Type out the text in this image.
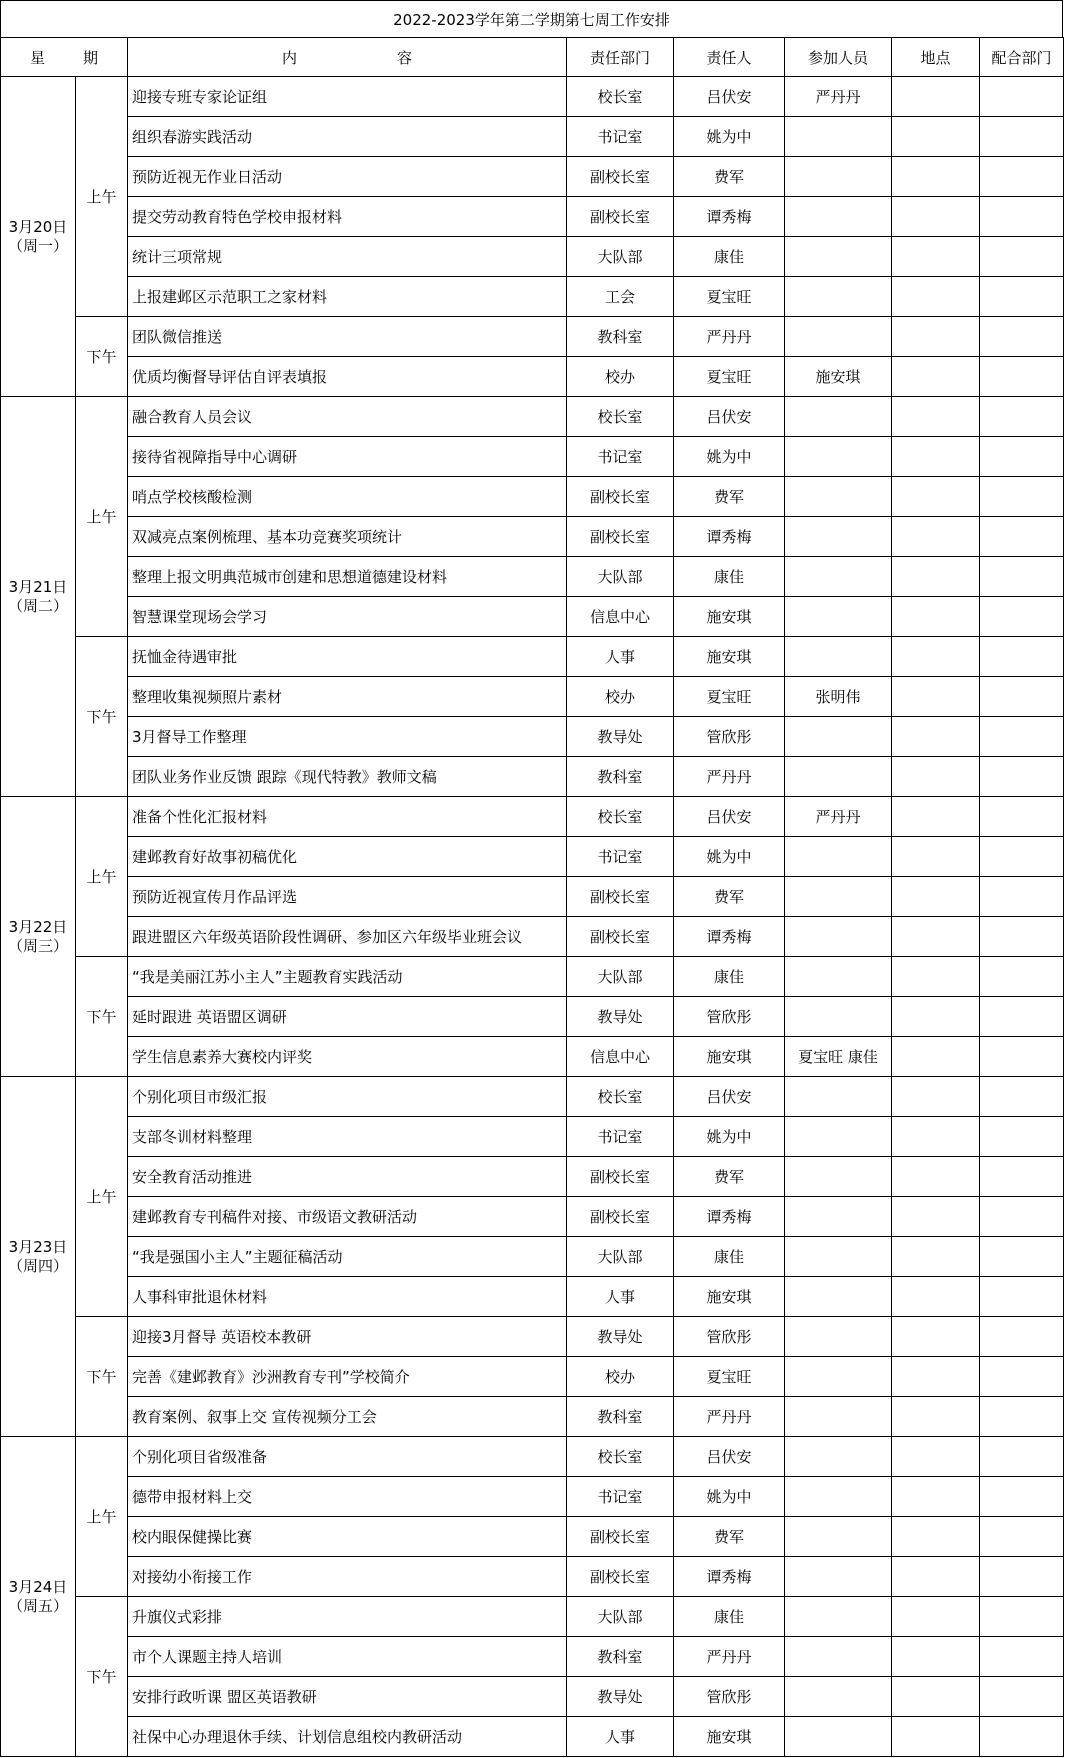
2022-2023学年第二学期第七周工作安排
星 期		内 容	责任部门	责任人	参加人员	地点	配合部门

3月20日
（周一）	上午	迎接专班专家论证组	校长室	吕伏安	严丹丹		
		组织春游实践活动	书记室	姚为中			
		预防近视无作业日活动	副校长室	费军			
		提交劳动教育特色学校申报材料	副校长室	谭秀梅			
		统计三项常规	大队部	康佳			
		上报建邺区示范职工之家材料	工会	夏宝旺			
	下午	团队微信推送	教科室	严丹丹			
		优质均衡督导评估自评表填报	校办	夏宝旺	施安琪		

3月21日
（周二）	上午	融合教育人员会议	校长室	吕伏安			
		接待省视障指导中心调研	书记室	姚为中			
		哨点学校核酸检测	副校长室	费军			
		双减亮点案例梳理、基本功竞赛奖项统计	副校长室	谭秀梅			
		整理上报文明典范城市创建和思想道德建设材料	大队部	康佳			
		智慧课堂现场会学习	信息中心	施安琪			
	下午	抚恤金待遇审批	人事	施安琪			
		整理收集视频照片素材	校办	夏宝旺	张明伟		
		3月督导工作整理	教导处	管欣彤			
		团队业务作业反馈 跟踪《现代特教》教师文稿	教科室	严丹丹			

3月22日
（周三）	上午	准备个性化汇报材料	校长室	吕伏安	严丹丹		
		建邺教育好故事初稿优化	书记室	姚为中			
		预防近视宣传月作品评选	副校长室	费军			
		跟进盟区六年级英语阶段性调研、参加区六年级毕业班会议	副校长室	谭秀梅			
	下午	“我是美丽江苏小主人”主题教育实践活动	大队部	康佳			
		延时跟进 英语盟区调研	教导处	管欣彤			
		学生信息素养大赛校内评奖	信息中心	施安琪	夏宝旺 康佳		

3月23日
（周四）	上午	个别化项目市级汇报	校长室	吕伏安			
		支部冬训材料整理	书记室	姚为中			
		安全教育活动推进	副校长室	费军			
		建邺教育专刊稿件对接、市级语文教研活动	副校长室	谭秀梅			
		“我是强国小主人”主题征稿活动	大队部	康佳			
		人事科审批退休材料	人事	施安琪			
	下午	迎接3月督导 英语校本教研	教导处	管欣彤			
		完善《建邺教育》沙洲教育专刊”学校简介	校办	夏宝旺			
		教育案例、叙事上交 宣传视频分工会	教科室	严丹丹			

3月24日
（周五）	上午	个别化项目省级准备	校长室	吕伏安			
		德带申报材料上交	书记室	姚为中			
		校内眼保健操比赛	副校长室	费军			
		对接幼小衔接工作	副校长室	谭秀梅			
	下午	升旗仪式彩排	大队部	康佳			
		市个人课题主持人培训	教科室	严丹丹			
		安排行政听课 盟区英语教研	教导处	管欣彤			
		社保中心办理退休手续、计划信息组校内教研活动	人事	施安琪			
